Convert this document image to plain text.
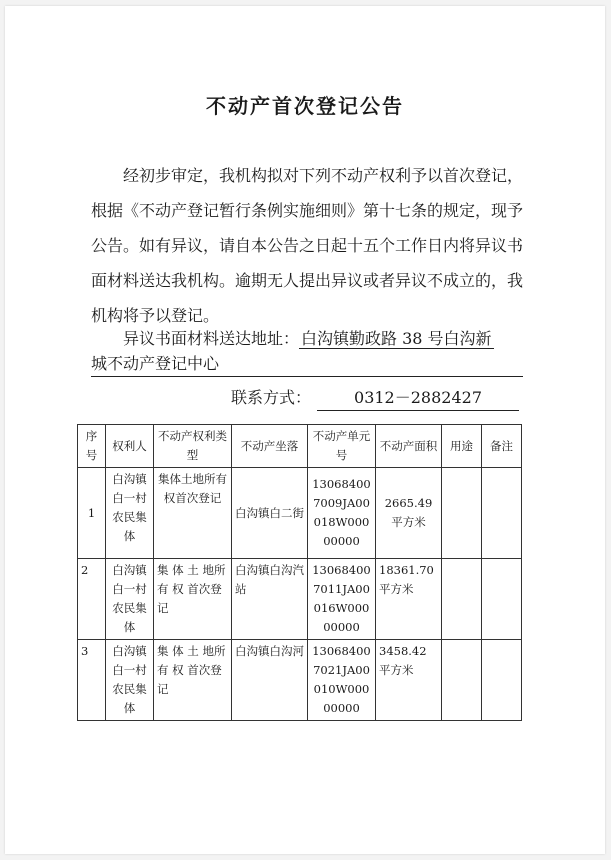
不动产首次登记公告

经初步审定，我机构拟对下列不动产权利予以首次登记，根据《不动产登记暂行条例实施细则》第十七条的规定，现予公告。如有异议，请自本公告之日起十五个工作日内将异议书面材料送达我机构。逾期无人提出异议或者异议不成立的，我机构将予以登记。

异议书面材料送达地址： 白沟镇勤政路 38 号白沟新
城不动产登记中心
联系方式：	0312－2882427
序号	权利人	不动产权利类型	不动产坐落	不动产单元号	不动产面积	用途	备注
1	白沟镇白一村农民集体	集体土地所有权首次登记	白沟镇白二街	130684007009JA00018W00000000	2665.49 平方米		
2	白沟镇白一村农民集体	集 体 土 地所 有 权 首次登记	白沟镇白沟汽站	130684007011JA00016W00000000	18361.70 平方米		
3	白沟镇白一村农民集体	集 体 土 地所 有 权 首次登记	白沟镇白沟河	130684007021JA00010W00000000	3458.42　平方米		
